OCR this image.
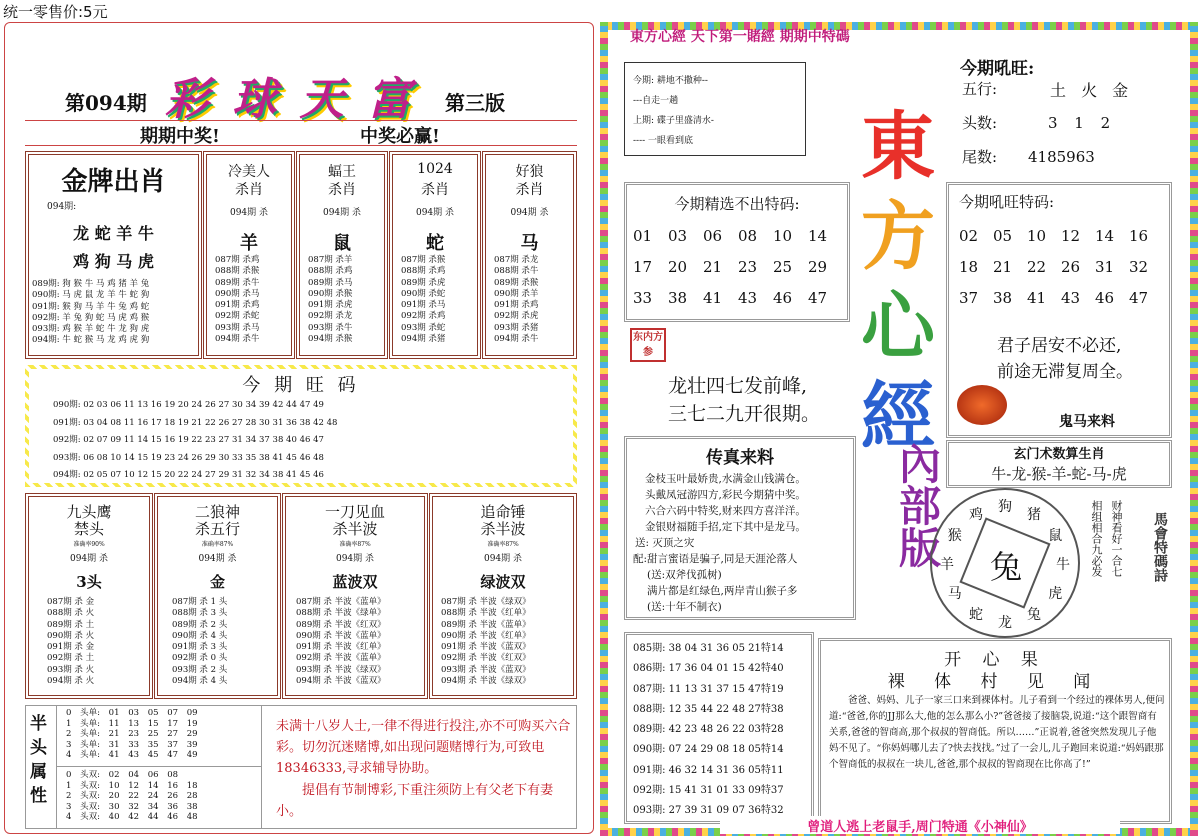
统一零售价:5元
第094期 彩 球 天 富 第三版
期期中奖!	中奖必赢!
金牌出肖
094期:
龙 蛇 羊 牛
鸡 狗 马 虎
089期: 狗 猴 牛 马 鸡 猪 羊 兔
090期: 马 虎 鼠 龙 羊 牛 蛇 狗
091期: 猴 狗 马 羊 牛 兔 鸡 蛇
092期: 羊 兔 狗 蛇 马 虎 鸡 猴
093期: 鸡 猴 羊 蛇 牛 龙 狗 虎
094期: 牛 蛇 猴 马 龙 鸡 虎 狗
冷美人
杀肖
094期 杀
羊
087期 杀鸡
088期 杀猴
089期 杀牛
090期 杀马
091期 杀鸡
092期 杀蛇
093期 杀马
094期 杀牛
蝠王
杀肖
094期 杀
鼠
087期 杀羊
088期 杀鸡
089期 杀马
090期 杀猴
091期 杀虎
092期 杀龙
093期 杀牛
094期 杀猴
1024
杀肖
094期 杀
蛇
087期 杀猴
088期 杀鸡
089期 杀虎
090期 杀蛇
091期 杀马
092期 杀鸡
093期 杀蛇
094期 杀猪
好狼
杀肖
094期 杀
马
087期 杀龙
088期 杀牛
089期 杀猴
090期 杀羊
091期 杀鸡
092期 杀虎
093期 杀猪
094期 杀牛
今 期 旺 码
090期: 02 03 06 11 13 16 19 20 24 26 27 30 34 39 42 44 47 49
091期: 03 04 08 11 16 17 18 19 21 22 26 27 28 30 31 36 38 42 48
092期: 02 07 09 11 14 15 16 19 22 23 27 31 34 37 38 40 46 47
093期: 06 08 10 14 15 19 23 24 26 29 30 33 35 38 41 45 46 48
094期: 02 05 07 10 12 15 20 22 24 27 29 31 32 34 38 41 45 46
九头鹰
禁头
准确率90%
094期 杀
3头
087期 杀 金
088期 杀 火
089期 杀 土
090期 杀 火
091期 杀 金
092期 杀 土
093期 杀 火
094期 杀 火
二狼神
杀五行
准确率87%
094期 杀
金
087期 杀 1 头
088期 杀 3 头
089期 杀 2 头
090期 杀 4 头
091期 杀 3 头
092期 杀 0 头
093期 杀 2 头
094期 杀 4 头
一刀见血
杀半波
准确率87%
094期 杀
蓝波双
087期 杀 半波《蓝单》
088期 杀 半波《绿单》
089期 杀 半波《红双》
090期 杀 半波《蓝单》
091期 杀 半波《红单》
092期 杀 半波《蓝单》
093期 杀 半波《绿双》
094期 杀 半波《蓝双》
追命锤
杀半波
准确率87%
094期 杀
绿波双
087期 杀 半波《绿双》
088期 杀 半波《红单》
089期 杀 半波《蓝单》
090期 杀 半波《红单》
091期 杀 半波《蓝双》
092期 杀 半波《红双》
093期 杀 半波《蓝双》
094期 杀 半波《绿双》
半头属性
0 头单: 01 03 05 07 09
1 头单: 11 13 15 17 19
2 头单: 21 23 25 27 29
3 头单: 31 33 35 37 39
4 头单: 41 43 45 47 49
0 头双: 02 04 06 08
1 头双: 10 12 14 16 18
2 头双: 20 22 24 26 28
3 头双: 30 32 34 36 38
4 头双: 40 42 44 46 48
未满十八岁人士,一律不得进行投注,亦不可购买六合彩。切勿沉迷赌博,如出现问题赌博行为,可致电18346333,寻求辅导协助。
提倡有节制博彩,下重注须防上有父老下有妻小。
東方心經 天下第一賭經 期期中特碼
今期: 耕地不撒种--
---自走一趟
上期: 碟子里盛清水-
---- 一眼看到底
今期吼旺:
五行:	土 火 金
头数:	3 1 2
尾数: 4185963
東
方
心
經
內部版
今期精选不出特码:
01 03 06 08 10 14
17 20 21 23 25 29
33 38 41 43 46 47
今期吼旺特码:
02 05 10 12 14 16
18 21 22 26 31 32
37 38 41 43 46 47
君子居安不必还,
前途无滞复周全。
鬼马来料
东内方参
龙壮四七发前峰,
三七二九开很期。
玄门术数算生肖
牛-龙-猴-羊-蛇-马-虎
传真来料
金枝玉叶最娇贵,水满金山钱满仓。
头戴凤冠游四方,彩民今期猜中奖。
六合六码中特奖,财来四方喜洋洋。
金银财福随手招,定下其中是龙马。
送: 灭顶之灾
配:甜言蜜语是骗子,同是天涯沦落人
(送:双斧伐孤树)
满片都是红绿色,两岸青山猴子多
(送:十年不制衣)
兔
狗 猪
鼠
牛
虎
兔
龙
蛇
马
羊
猴
鸡	相组相合九必发 财神看好一合七 馬會特碼詩
085期: 38 04 31 36 05 21特14
086期: 17 36 04 01 15 42特40
087期: 11 13 31 37 15 47特19
088期: 12 35 44 22 48 27特38
089期: 42 23 48 26 22 03特28
090期: 07 24 29 08 18 05特14
091期: 46 32 14 31 36 05特11
092期: 15 41 31 01 33 09特37
093期: 27 39 31 09 07 36特32
开 心 果
裸 体 村 见 闻
爸爸、妈妈、儿子一家三口来到裸体村。儿子看到一个经过的裸体男人,便问道:“爸爸,你的JJ那么大,他的怎么那么小?”爸爸接了接脑袋,说道:“这个跟智商有关系,爸爸的智商高,那个叔叔的智商低。所以……”正说着,爸爸突然发现儿子他妈不见了。“你妈妈哪儿去了?快去找找。”过了一会儿,儿子跑回来说道:“妈妈跟那个智商低的叔叔在一块儿,爸爸,那个叔叔的智商现在比你高了!”
曾道人逃上老鼠手,周门特通《小神仙》
